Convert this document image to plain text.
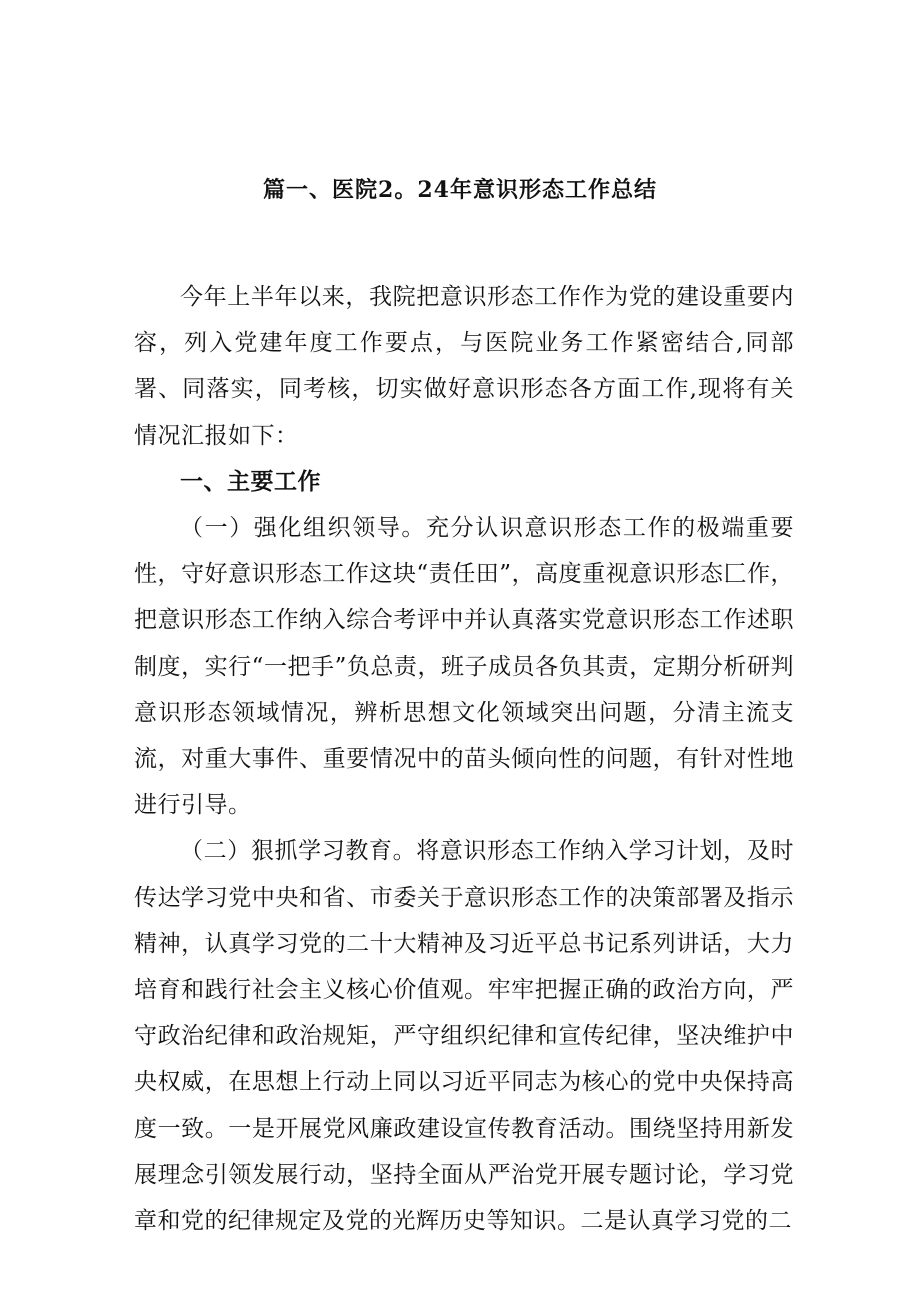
篇一、医院2。24年意识形态工作总结

今年上半年以来，我院把意识形态工作作为党的建设重要内容，列入党建年度工作要点，与医院业务工作紧密结合,同部署、同落实，同考核，切实做好意识形态各方面工作,现将有关情况汇报如下：

一、主要工作

（一）强化组织领导。充分认识意识形态工作的极端重要性，守好意识形态工作这块“责任田”，高度重视意识形态匚作，把意识形态工作纳入综合考评中并认真落实党意识形态工作述职制度，实行“一把手”负总责，班子成员各负其责，定期分析研判意识形态领域情况，辨析思想文化领域突出问题，分清主流支流，对重大事件、重要情况中的苗头倾向性的问题，有针对性地进行引导。

（二）狠抓学习教育。将意识形态工作纳入学习计划，及时传达学习党中央和省、市委关于意识形态工作的决策部署及指示精神，认真学习党的二十大精神及习近平总书记系列讲话，大力培育和践行社会主义核心价值观。牢牢把握正确的政治方向，严守政治纪律和政治规矩，严守组织纪律和宣传纪律，坚决维护中央权威，在思想上行动上同以习近平同志为核心的党中央保持高度一致。一是开展党风廉政建设宣传教育活动。围绕坚持用新发展理念引领发展行动，坚持全面从严治党开展专题讨论，学习党章和党的纪律规定及党的光辉历史等知识。二是认真学习党的二
